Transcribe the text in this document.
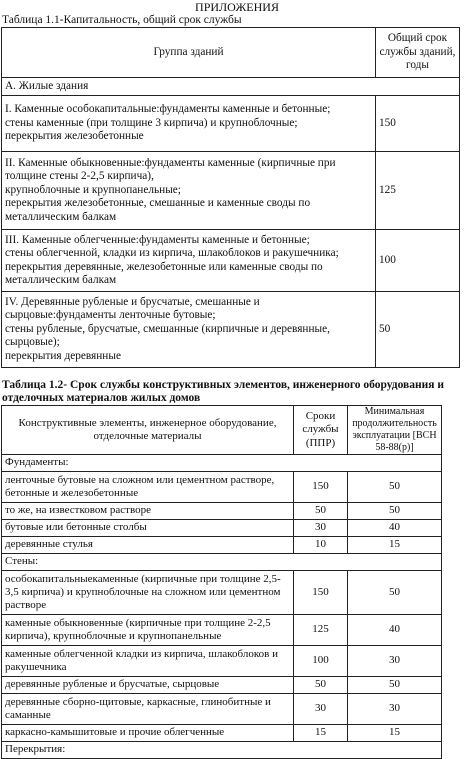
ПРИЛОЖЕНИЯ
Таблица 1.1-Капитальность, общий срок службы
Группа зданий	Общий срок службы зданий, годы
А. Жилые здания	

I. Каменные особокапитальные:фундаменты каменные и бетонные;
стены каменные (при толщине 3 кирпича) и крупноблочные;
перекрытия железобетонные	150

II. Каменные обыкновенные:фундаменты каменные (кирпичные при
толщине стены 2-2,5 кирпича),
крупноблочные и крупнопанельные;
перекрытия железобетонные, смешанные и каменные своды по
металлическим балкам	125

III. Каменные облегченные:фундаменты каменные и бетонные;
стены облегченной, кладки из кирпича, шлакоблоков и ракушечника;
перекрытия деревянные, железобетонные или каменные своды по
металлическим балкам	100

IV. Деревянные рубленые и брусчатые, смешанные и
сырцовые:фундаменты ленточные бутовые;
стены рубленые, брусчатые, смешанные (кирпичные и деревянные,
сырцовые);
перекрытия деревянные	50
Таблица 1.2- Срок службы конструктивных элементов, инженерного оборудования и отделочных материалов жилых домов
Конструктивные элементы, инженерное оборудование, отделочные материалы	Сроки службы (ППР)	Минимальная продолжительность эксплуатации [ВСН 58-88(р)]
Фундаменты:		
ленточные бутовые на сложном или цементном растворе, бетонные и железобетонные	150	50
то же, на известковом растворе	50	50
бутовые или бетонные столбы	30	40
деревянные стулья	10	15
Стены:		
особокапитальныекаменные (кирпичные при толщине 2,5-3,5 кирпича) и крупноблочные на сложном или цементном растворе	150	50
каменные обыкновенные (кирпичные при толщине 2-2,5 кирпича), крупноблочные и крупнопанельные	125	40
каменные облегченной кладки из кирпича, шлакоблоков и ракушечника	100	30
деревянные рубленые и брусчатые, сырцовые	50	50
деревянные сборно-щитовые, каркасные, глинобитные и саманные	30	30
каркасно-камышитовые и прочие облегченные	15	15
Перекрытия:		
